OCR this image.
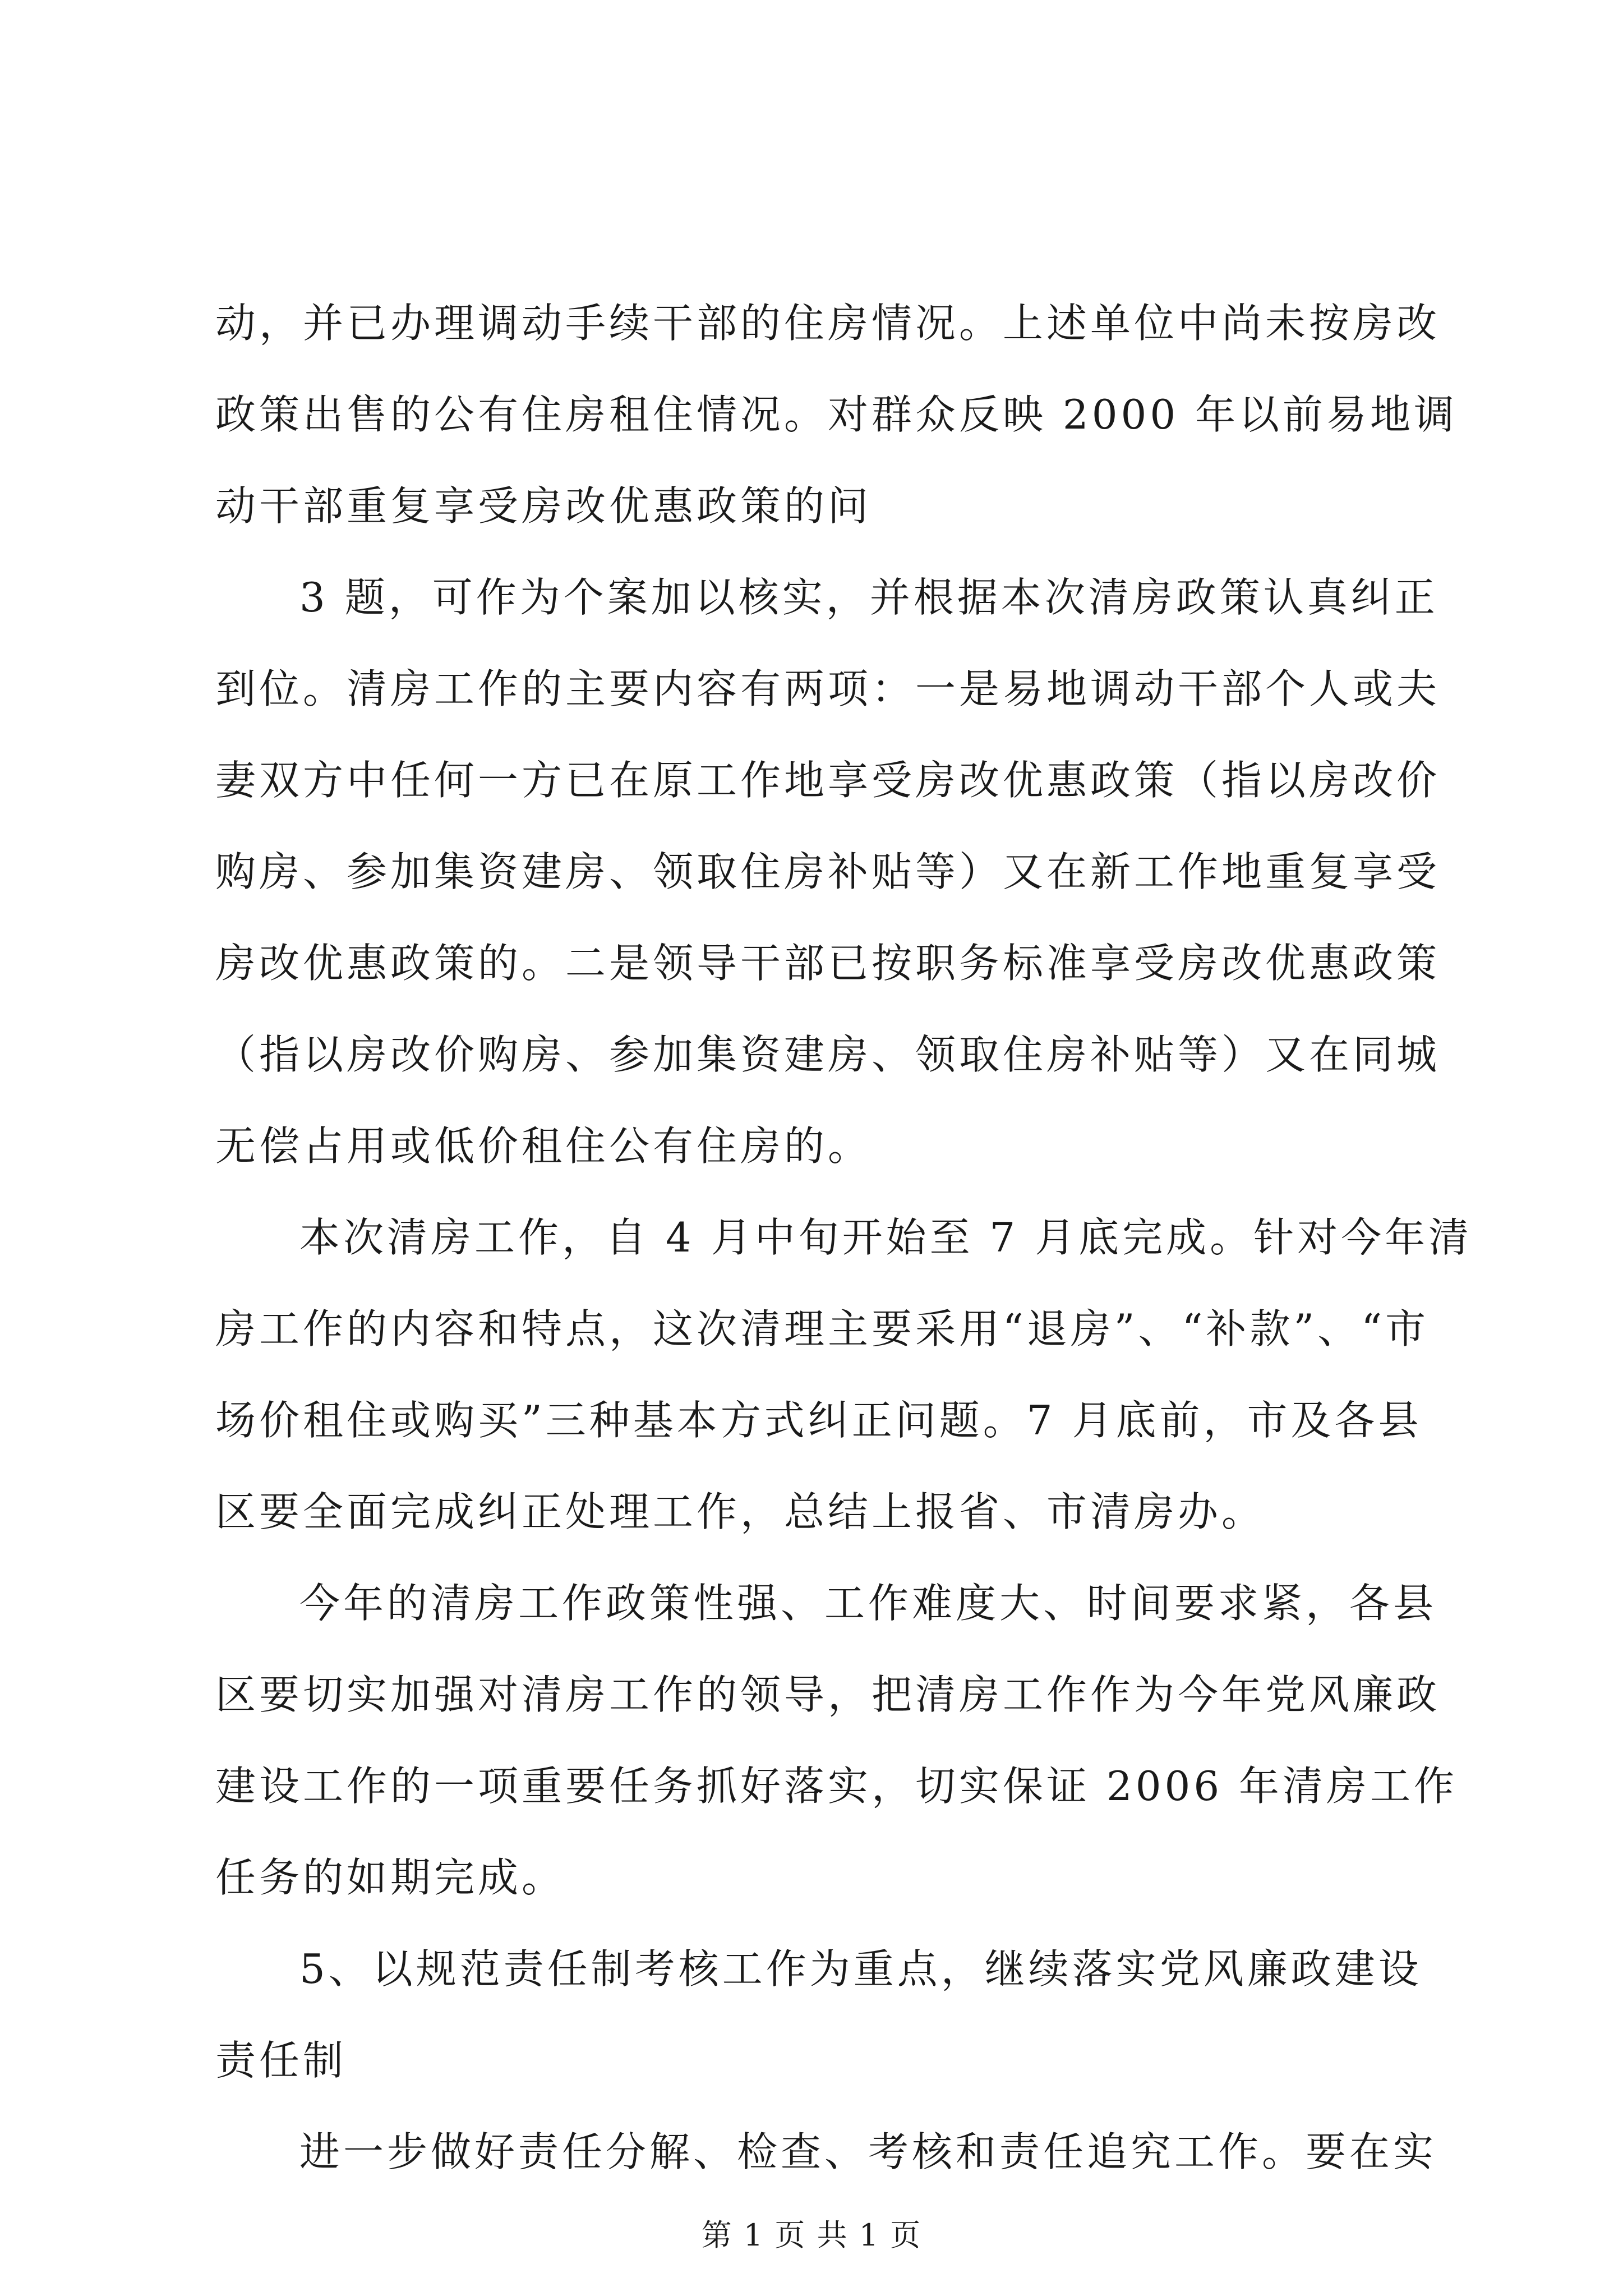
动，并已办理调动手续干部的住房情况。上述单位中尚未按房改
政策出售的公有住房租住情况。对群众反映 2000 年以前易地调
动干部重复享受房改优惠政策的问
3 题，可作为个案加以核实，并根据本次清房政策认真纠正
到位。清房工作的主要内容有两项：一是易地调动干部个人或夫
妻双方中任何一方已在原工作地享受房改优惠政策（指以房改价
购房、参加集资建房、领取住房补贴等）又在新工作地重复享受
房改优惠政策的。二是领导干部已按职务标准享受房改优惠政策
（指以房改价购房、参加集资建房、领取住房补贴等）又在同城
无偿占用或低价租住公有住房的。
本次清房工作，自 4 月中旬开始至 7 月底完成。针对今年清
房工作的内容和特点，这次清理主要采用“退房”、“补款”、“市
场价租住或购买”三种基本方式纠正问题。7 月底前，市及各县
区要全面完成纠正处理工作，总结上报省、市清房办。
今年的清房工作政策性强、工作难度大、时间要求紧，各县
区要切实加强对清房工作的领导，把清房工作作为今年党风廉政
建设工作的一项重要任务抓好落实，切实保证 2006 年清房工作
任务的如期完成。
5、以规范责任制考核工作为重点，继续落实党风廉政建设
责任制
进一步做好责任分解、检查、考核和责任追究工作。要在实
第 1 页 共 1 页
